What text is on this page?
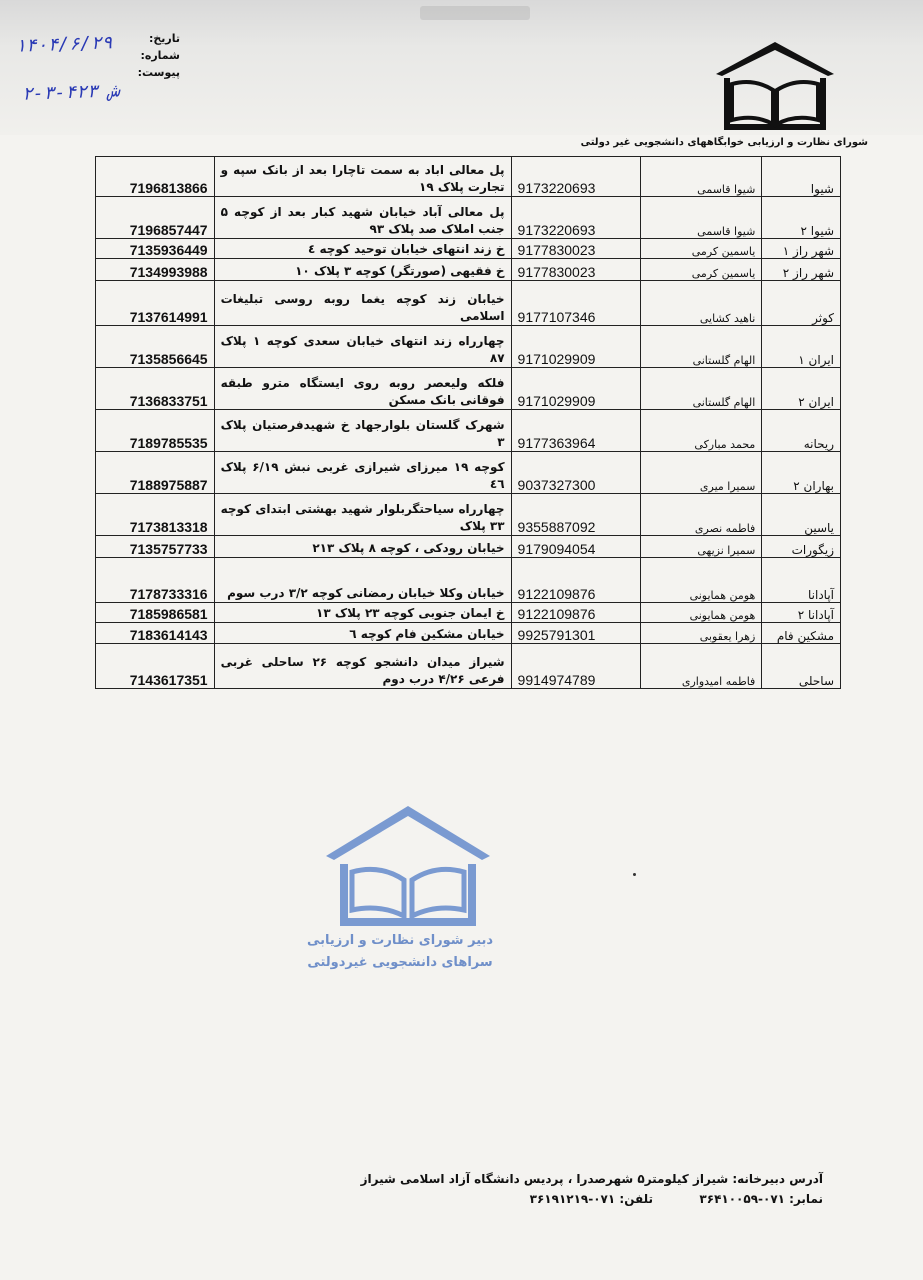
شورای نظارت و ارزیابی خوابگاههای دانشجویی غیر دولتی
تاریخ:
شماره:
پیوست:
۱۴۰۴/۶/۲۹
۲-۳-۴۲۳ ش
شیوا	شیوا قاسمی	9173220693	پل معالی اباد به سمت تاچارا بعد از بانک سپه و تجارت پلاک ۱۹	7196813866
شیوا ۲	شیوا قاسمی	9173220693	پل معالی آباد خیابان شهید کبار بعد از کوچه ۵ جنب املاک صد پلاک ۹۳	7196857447
شهر راز ۱	یاسمین کرمی	9177830023	خ زند انتهای خیابان توحید کوچه ٤	7135936449
شهر راز ۲	یاسمین کرمی	9177830023	خ فقیهی (صورتگر) کوچه ۳ پلاک ۱۰	7134993988
کوثر	ناهید کشایی	9177107346	خیابان زند کوچه یغما روبه روسی تبلیغات اسلامی	7137614991
ایران ۱	الهام گلستانی	9171029909	چهارراه زند انتهای خیابان سعدی کوچه ۱ پلاک ۸۷	7135856645
ایران ۲	الهام گلستانی	9171029909	فلکه ولیعصر روبه روی ایستگاه مترو طبقه فوقانی بانک مسکن	7136833751
ریحانه	محمد مبارکی	9177363964	شهرک گلستان بلوارجهاد خ شهیدفرصتیان پلاک ۳	7189785535
بهاران ۲	سمیرا میری	9037327300	کوچه ۱۹ میرزای شیرازی غربی نبش ۶/۱۹ پلاک ٤٦	7188975887
یاسین	فاطمه نصری	9355887092	چهارراه سیاحتگربلوار شهید بهشتی ابتدای کوچه ۳۳ پلاک	7173813318
زیگورات	سمیرا نزیهی	9179094054	خیابان رودکی ، کوچه ۸ پلاک ۲۱۳	7135757733
آپادانا	هومن همایونی	9122109876	خیابان وکلا خیابان رمضانی کوچه ۳/۲ درب سوم	7178733316
آپادانا ۲	هومن همایونی	9122109876	خ ایمان جنوبی کوچه ۲۳ پلاک ۱۳	7185986581
مشکین فام	زهرا یعقوبی	9925791301	خیابان مشکین فام کوچه ٦	7183614143
ساحلی	فاطمه امیدواری	9914974789	شیراز میدان دانشجو کوچه ۲۶ ساحلی غربی فرعی ۴/۲۶ درب دوم	7143617351
دبیر شورای نظارت و ارزیابی
سراهای دانشجویی غیردولتی
آدرس دبیرخانه: شیراز کیلومتر۵ شهرصدرا ، پردیس دانشگاه آزاد اسلامی شیراز
نمابر: ۰۷۱-۳۶۴۱۰۰۵۹  تلفن: ۰۷۱-۳۶۱۹۱۲۱۹
